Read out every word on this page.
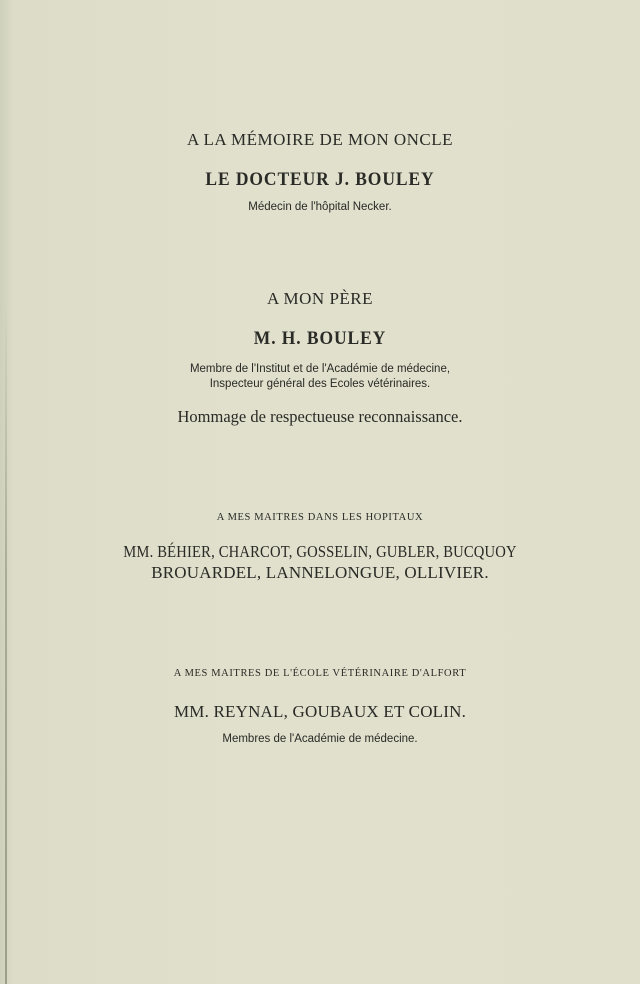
A LA MÉMOIRE DE MON ONCLE
LE DOCTEUR J. BOULEY
Médecin de l'hôpital Necker.
A MON PÈRE
M. H. BOULEY
Membre de l'Institut et de l'Académie de médecine,
Inspecteur général des Ecoles vétérinaires.
Hommage de respectueuse reconnaissance.
A MES MAITRES DANS LES HOPITAUX
MM. BÉHIER, CHARCOT, GOSSELIN, GUBLER, BUCQUOY
BROUARDEL, LANNELONGUE, OLLIVIER.
A MES MAITRES DE L'ÉCOLE VÉTÉRINAIRE D'ALFORT
MM. REYNAL, GOUBAUX ET COLIN.
Membres de l'Académie de médecine.
